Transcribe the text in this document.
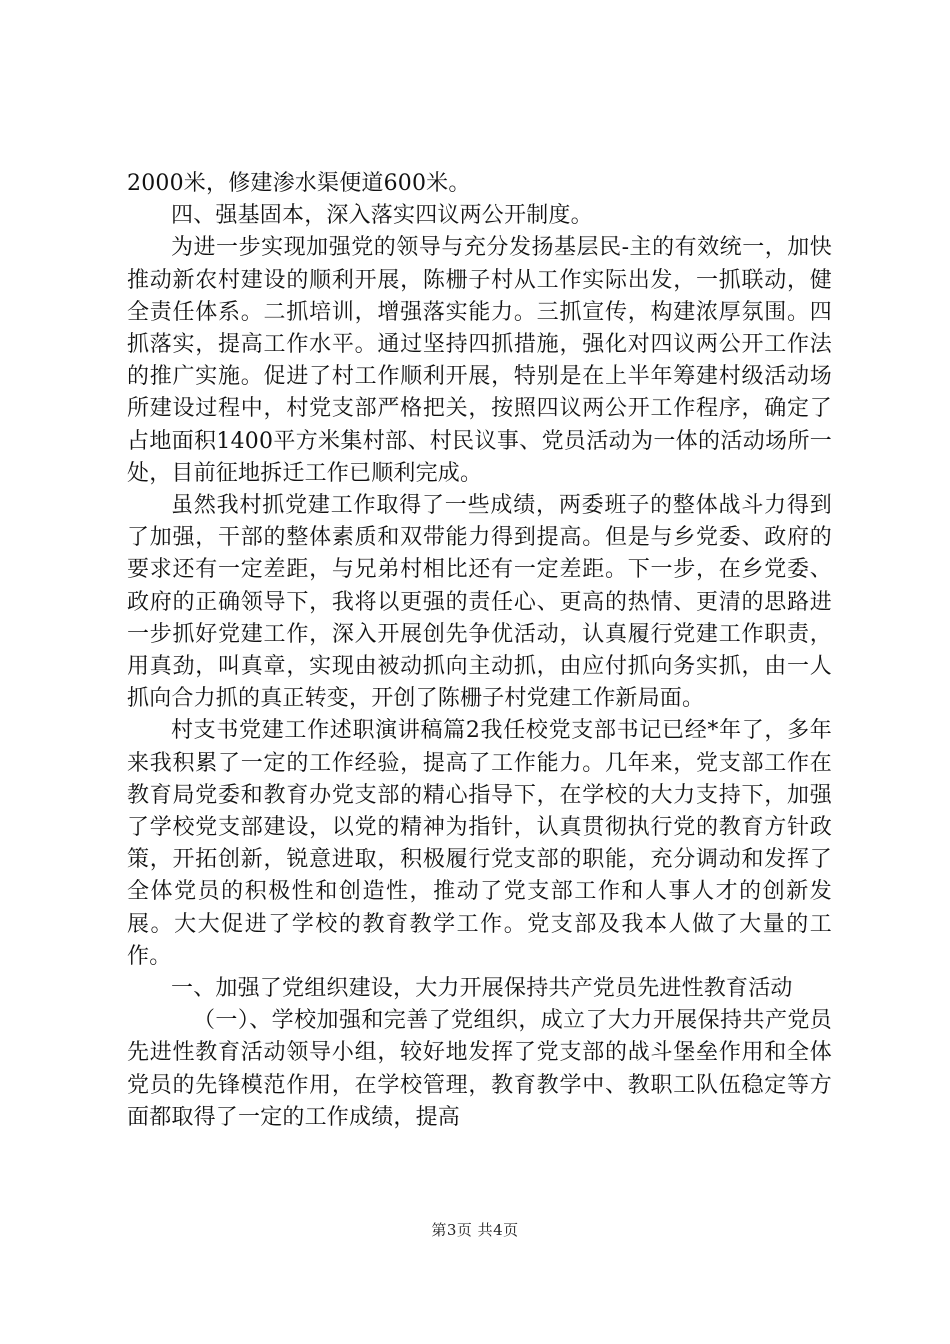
2000米，修建渗水渠便道600米。

四、强基固本，深入落实四议两公开制度。

为进一步实现加强党的领导与充分发扬基层民-主的有效统一，加快推动新农村建设的顺利开展，陈栅子村从工作实际出发，一抓联动，健全责任体系。二抓培训，增强落实能力。三抓宣传，构建浓厚氛围。四抓落实，提高工作水平。通过坚持四抓措施，强化对四议两公开工作法的推广实施。促进了村工作顺利开展，特别是在上半年筹建村级活动场所建设过程中，村党支部严格把关，按照四议两公开工作程序，确定了占地面积1400平方米集村部、村民议事、党员活动为一体的活动场所一处，目前征地拆迁工作已顺利完成。

虽然我村抓党建工作取得了一些成绩，两委班子的整体战斗力得到了加强，干部的整体素质和双带能力得到提高。但是与乡党委、政府的要求还有一定差距，与兄弟村相比还有一定差距。下一步，在乡党委、政府的正确领导下，我将以更强的责任心、更高的热情、更清的思路进一步抓好党建工作，深入开展创先争优活动，认真履行党建工作职责，用真劲，叫真章，实现由被动抓向主动抓，由应付抓向务实抓，由一人抓向合力抓的真正转变，开创了陈栅子村党建工作新局面。

村支书党建工作述职演讲稿篇2我任校党支部书记已经*年了，多年来我积累了一定的工作经验，提高了工作能力。几年来，党支部工作在教育局党委和教育办党支部的精心指导下，在学校的大力支持下，加强了学校党支部建设，以党的精神为指针，认真贯彻执行党的教育方针政策，开拓创新，锐意进取，积极履行党支部的职能，充分调动和发挥了全体党员的积极性和创造性，推动了党支部工作和人事人才的创新发展。大大促进了学校的教育教学工作。党支部及我本人做了大量的工作。

一、加强了党组织建设，大力开展保持共产党员先进性教育活动

（一）、学校加强和完善了党组织，成立了大力开展保持共产党员先进性教育活动领导小组，较好地发挥了党支部的战斗堡垒作用和全体党员的先锋模范作用，在学校管理，教育教学中、教职工队伍稳定等方面都取得了一定的工作成绩，提高

第3页 共4页
